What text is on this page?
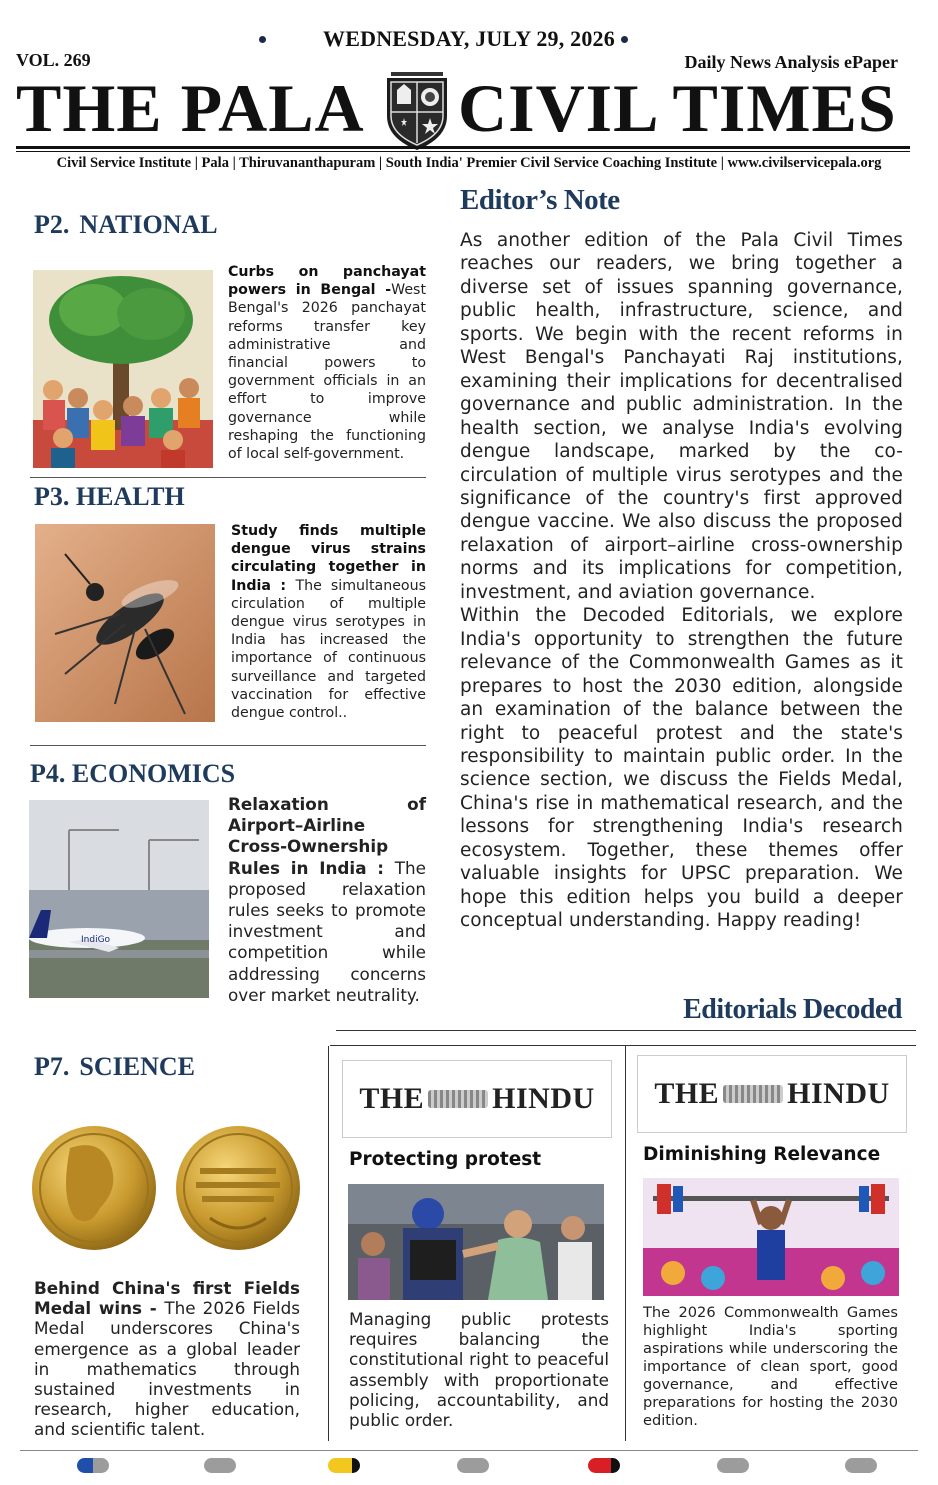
WEDNESDAY, JULY 29, 2026
VOL. 269	Daily News Analysis ePaper
THE PALA CIVIL TIMES
Civil Service Institute | Pala | Thiruvananthapuram | South India' Premier Civil Service Coaching Institute | www.civilservicepala.org
P2. NATIONAL
Curbs on panchayat powers in Bengal -West Bengal's 2026 panchayat reforms transfer key administrative and financial powers to government officials in an effort to improve governance while reshaping the functioning of local self-government.
P3. HEALTH
Study finds multiple dengue virus strains circulating together in India : The simultaneous circulation of multiple dengue virus serotypes in India has increased the importance of continuous surveillance and targeted vaccination for effective dengue control..
P4. ECONOMICS
IndiGo
Relaxation of Airport–Airline Cross-Ownership Rules in India : The proposed relaxation rules seeks to promote investment and competition while addressing concerns over market neutrality.
P7. SCIENCE
Behind China's first Fields Medal wins - The 2026 Fields Medal underscores China's emergence as a global leader in mathematics through sustained investments in research, higher education, and scientific talent.
Editor’s Note

As another edition of the Pala Civil Times reaches our readers, we bring together a diverse set of issues spanning governance, public health, infrastructure, science, and sports. We begin with the recent reforms in West Bengal's Panchayati Raj institutions, examining their implications for decentralised governance and public administration. In the health section, we analyse India's evolving dengue landscape, marked by the co-circulation of multiple virus serotypes and the significance of the country's first approved dengue vaccine. We also discuss the proposed relaxation of airport–airline cross-ownership norms and its implications for competition, investment, and aviation governance.

Within the Decoded Editorials, we explore India's opportunity to strengthen the future relevance of the Commonwealth Games as it prepares to host the 2030 edition, alongside an examination of the balance between the right to peaceful protest and the state's responsibility to maintain public order. In the science section, we discuss the Fields Medal, China's rise in mathematical research, and the lessons for strengthening India's research ecosystem. Together, these themes offer valuable insights for UPSC preparation. We hope this edition helps you build a deeper conceptual understanding. Happy reading!

Editorials Decoded
THE HINDU
Protecting protest
Managing public protests requires balancing the constitutional right to peaceful assembly with proportionate policing, accountability, and public order.
THE HINDU
Diminishing Relevance
The 2026 Commonwealth Games highlight India's sporting aspirations while underscoring the importance of clean sport, good governance, and effective preparations for hosting the 2030 edition.
